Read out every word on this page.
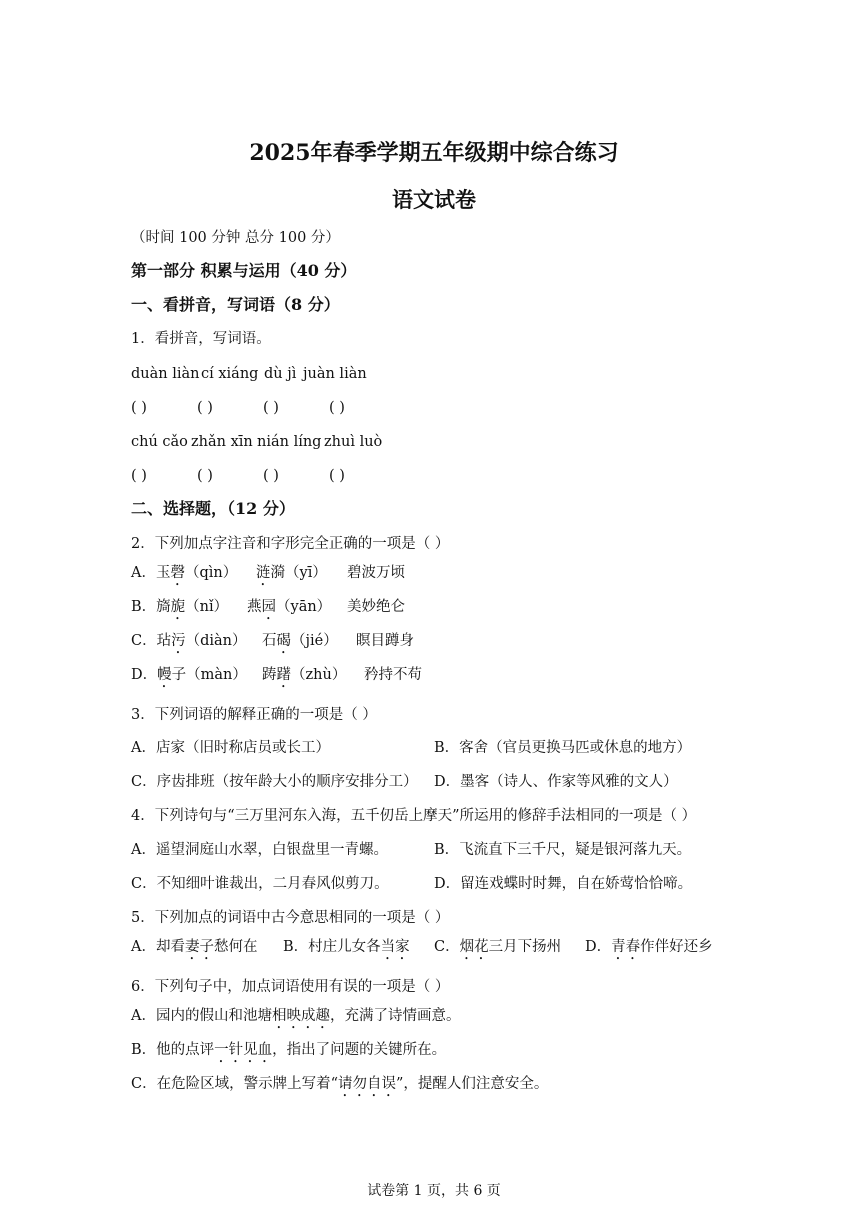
2025年春季学期五年级期中综合练习
语文试卷
（时间 100 分钟 总分 100 分）
第一部分 积累与运用（40 分）
一、看拼音，写词语（8 分）
1．看拼音，写词语。
duàn liàn cí xiáng dù jì juàn liàn
( )	( )	( )	( )
chú cǎo zhǎn xīn nián líng zhuì luò
( )	( )	( )	( )
二、选择题，（12 分）
2．下列加点字注音和字形完全正确的一项是（ ）
A．玉磬（qìn） 涟漪（yī） 碧波万顷
B．旖旎（nǐ） 燕园（yān） 美妙绝仑
C．玷污（diàn） 石碣（jié） 瞑目蹲身
D．幔子（màn） 踌躇（zhù） 矜持不苟
3．下列词语的解释正确的一项是（ ）
A．店家（旧时称店员或长工）	B．客舍（官员更换马匹或休息的地方）
C．序齿排班（按年龄大小的顺序安排分工） D．墨客（诗人、作家等风雅的文人）
4．下列诗句与“三万里河东入海，五千仞岳上摩天”所运用的修辞手法相同的一项是（ ）
A．遥望洞庭山水翠，白银盘里一青螺。	B．飞流直下三千尺，疑是银河落九天。
C．不知细叶谁裁出，二月春风似剪刀。	D．留连戏蝶时时舞，自在娇莺恰恰啼。
5．下列加点的词语中古今意思相同的一项是（ ）
A．却看妻子愁何在 B．村庄儿女各当家 C．烟花三月下扬州 D．青春作伴好还乡
6．下列句子中，加点词语使用有误的一项是（ ）
A．园内的假山和池塘相映成趣，充满了诗情画意。
B．他的点评一针见血，指出了问题的关键所在。
C．在危险区域，警示牌上写着“请勿自误”，提醒人们注意安全。
试卷第 1 页，共 6 页
